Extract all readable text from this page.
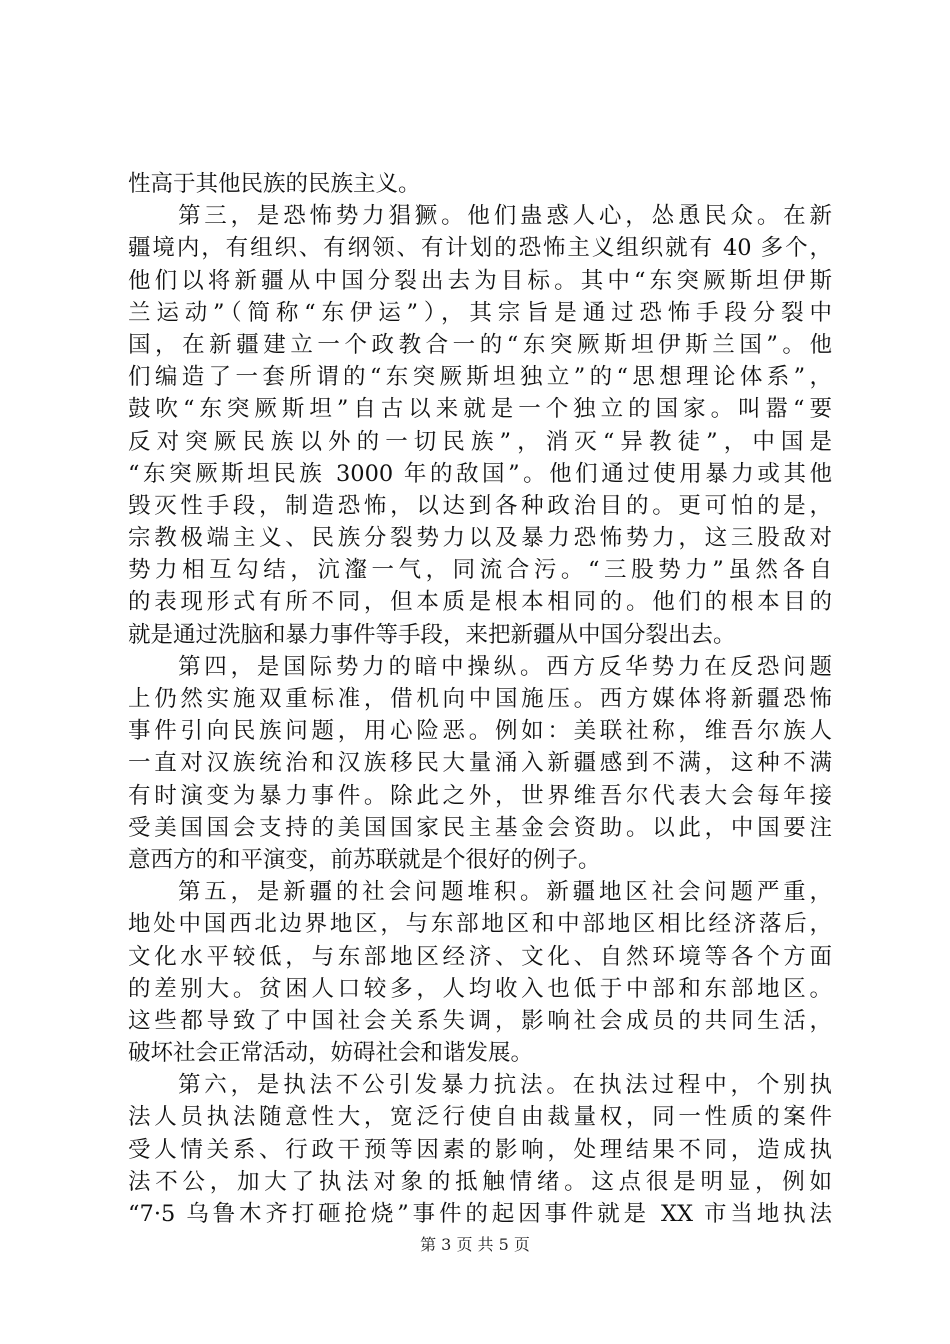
性高于其他民族的民族主义。
第三，是恐怖势力猖獗。他们蛊惑人心，怂恿民众。在新
疆境内，有组织、有纲领、有计划的恐怖主义组织就有 40 多个，
他们以将新疆从中国分裂出去为目标。其中“东突厥斯坦伊斯
兰运动”（简称“东伊运”），其宗旨是通过恐怖手段分裂中
国，在新疆建立一个政教合一的“东突厥斯坦伊斯兰国”。他
们编造了一套所谓的“东突厥斯坦独立”的“思想理论体系”，
鼓吹“东突厥斯坦”自古以来就是一个独立的国家。叫嚣“要
反对突厥民族以外的一切民族”，消灭“异教徒”，中国是
“东突厥斯坦民族 3000 年的敌国”。他们通过使用暴力或其他
毁灭性手段，制造恐怖，以达到各种政治目的。更可怕的是，
宗教极端主义、民族分裂势力以及暴力恐怖势力，这三股敌对
势力相互勾结，沆瀣一气，同流合污。“三股势力”虽然各自
的表现形式有所不同，但本质是根本相同的。他们的根本目的
就是通过洗脑和暴力事件等手段，来把新疆从中国分裂出去。
第四，是国际势力的暗中操纵。西方反华势力在反恐问题
上仍然实施双重标准，借机向中国施压。西方媒体将新疆恐怖
事件引向民族问题，用心险恶。例如：美联社称，维吾尔族人
一直对汉族统治和汉族移民大量涌入新疆感到不满，这种不满
有时演变为暴力事件。除此之外，世界维吾尔代表大会每年接
受美国国会支持的美国国家民主基金会资助。以此，中国要注
意西方的和平演变，前苏联就是个很好的例子。
第五，是新疆的社会问题堆积。新疆地区社会问题严重，
地处中国西北边界地区，与东部地区和中部地区相比经济落后，
文化水平较低，与东部地区经济、文化、自然环境等各个方面
的差别大。贫困人口较多，人均收入也低于中部和东部地区。
这些都导致了中国社会关系失调，影响社会成员的共同生活，
破坏社会正常活动，妨碍社会和谐发展。
第六，是执法不公引发暴力抗法。在执法过程中，个别执
法人员执法随意性大，宽泛行使自由裁量权，同一性质的案件
受人情关系、行政干预等因素的影响，处理结果不同，造成执
法不公，加大了执法对象的抵触情绪。这点很是明显，例如
“7·5 乌鲁木齐打砸抢烧”事件的起因事件就是 XX 市当地执法
第 3 页 共 5 页
